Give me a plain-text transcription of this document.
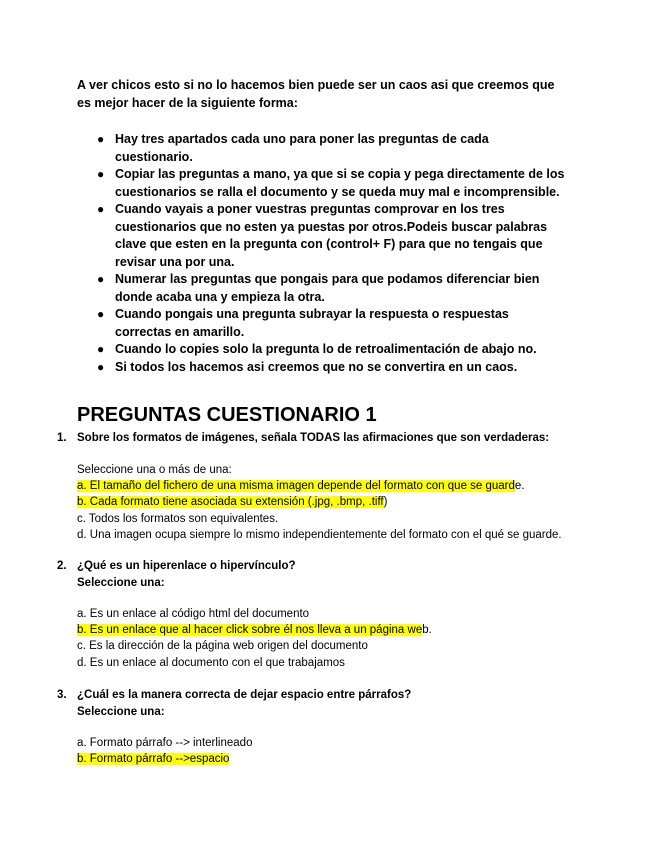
A ver chicos esto si no lo hacemos bien puede ser un caos asi que creemos que
es mejor hacer de la siguiente forma:
● Hay tres apartados cada uno para poner las preguntas de cada
cuestionario.
● Copiar las preguntas a mano, ya que si se copia y pega directamente de los
cuestionarios se ralla el documento y se queda muy mal e incomprensible.
● Cuando vayais a poner vuestras preguntas comprovar en los tres
cuestionarios que no esten ya puestas por otros.Podeis buscar palabras
clave que esten en la pregunta con (control+ F) para que no tengais que
revisar una por una.
● Numerar las preguntas que pongais para que podamos diferenciar bien
donde acaba una y empieza la otra.
● Cuando pongais una pregunta subrayar la respuesta o respuestas
correctas en amarillo.
● Cuando lo copies solo la pregunta lo de retroalimentación de abajo no.
● Si todos los hacemos asi creemos que no se convertira en un caos.
PREGUNTAS CUESTIONARIO 1
1. Sobre los formatos de imágenes, señala TODAS las afirmaciones que son verdaderas:
Seleccione una o más de una:
a. El tamaño del fichero de una misma imagen depende del formato con que se guarde.
b. Cada formato tiene asociada su extensión (.jpg, .bmp, .tiff)
c. Todos los formatos son equivalentes.
d. Una imagen ocupa siempre lo mismo independientemente del formato con el qué se guarde.
2. ¿Qué es un hiperenlace o hipervínculo?
Seleccione una:
a. Es un enlace al código html del documento
b. Es un enlace que al hacer click sobre él nos lleva a un página web.
c. Es la dirección de la página web origen del documento
d. Es un enlace al documento con el que trabajamos
3. ¿Cuál es la manera correcta de dejar espacio entre párrafos?
Seleccione una:
a. Formato párrafo --> interlineado
b. Formato párrafo -->espacio
